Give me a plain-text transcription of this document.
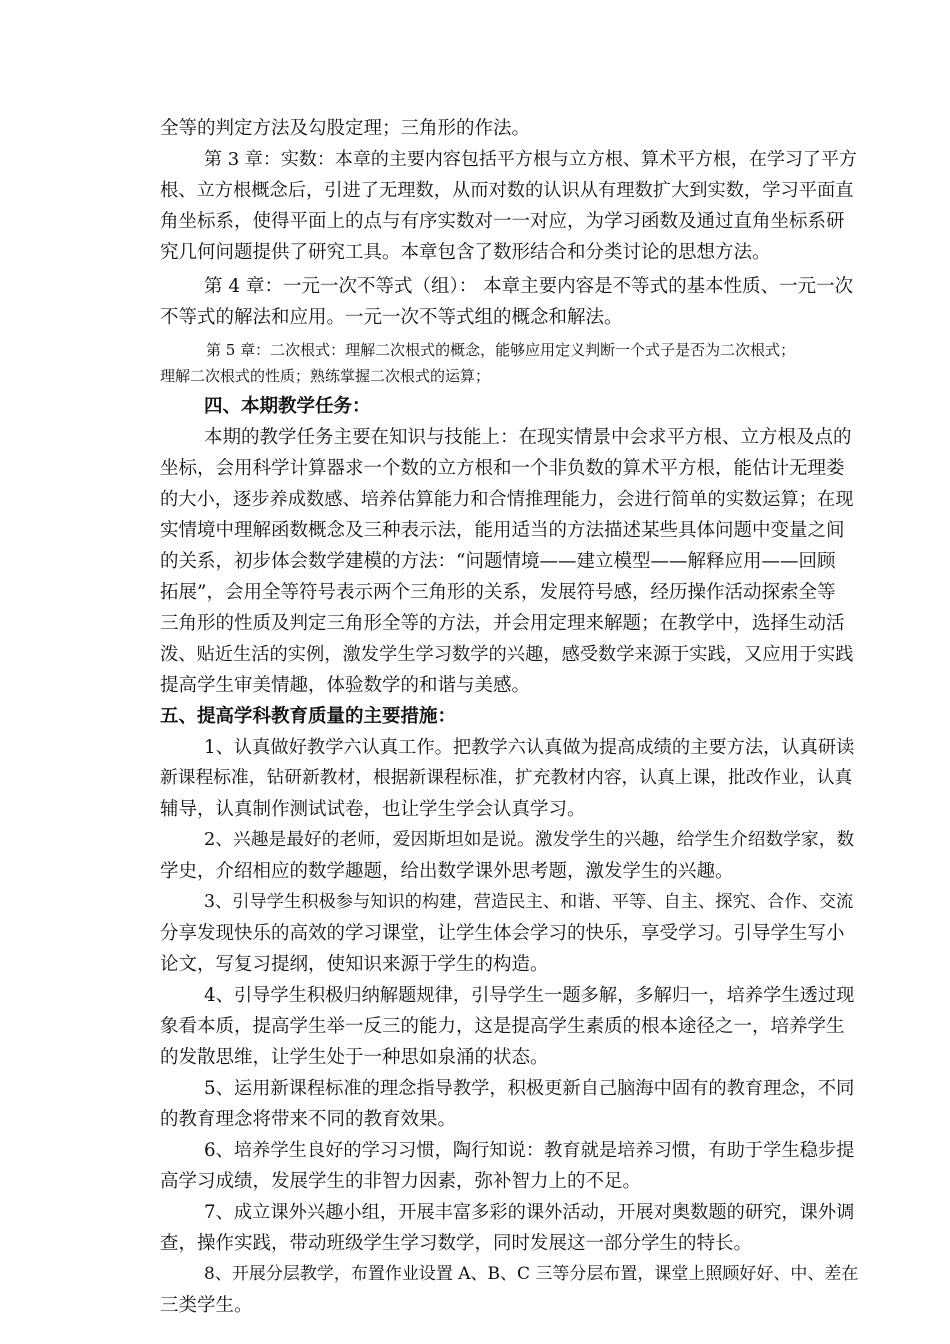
全等的判定方法及勾股定理；三角形的作法。
第 3 章：实数：本章的主要内容包括平方根与立方根、算术平方根，在学习了平方
根、立方根概念后，引进了无理数，从而对数的认识从有理数扩大到实数，学习平面直
角坐标系，使得平面上的点与有序实数对一一对应，为学习函数及通过直角坐标系研
究几何问题提供了研究工具。本章包含了数形结合和分类讨论的思想方法。
第 4 章：一元一次不等式（组）： 本章主要内容是不等式的基本性质、一元一次
不等式的解法和应用。一元一次不等式组的概念和解法。
第 5 章：二次根式：理解二次根式的概念，能够应用定义判断一个式子是否为二次根式；
理解二次根式的性质；熟练掌握二次根式的运算；
四、本期教学任务：
本期的教学任务主要在知识与技能上：在现实情景中会求平方根、立方根及点的
坐标，会用科学计算器求一个数的立方根和一个非负数的算术平方根，能估计无理娄
的大小，逐步养成数感、培养估算能力和合情推理能力，会进行简单的实数运算；在现
实情境中理解函数概念及三种表示法，能用适当的方法描述某些具体问题中变量之间
的关系，初步体会数学建模的方法：“问题情境——建立模型——解释应用——回顾
拓展”，会用全等符号表示两个三角形的关系，发展符号感，经历操作活动探索全等
三角形的性质及判定三角形全等的方法，并会用定理来解题；在教学中，选择生动活
泼、贴近生活的实例，激发学生学习数学的兴趣，感受数学来源于实践，又应用于实践
提高学生审美情趣，体验数学的和谐与美感。
五、提高学科教育质量的主要措施：
1、认真做好教学六认真工作。把教学六认真做为提高成绩的主要方法，认真研读
新课程标准，钻研新教材，根据新课程标准，扩充教材内容，认真上课，批改作业，认真
辅导，认真制作测试试卷，也让学生学会认真学习。
2、兴趣是最好的老师，爱因斯坦如是说。激发学生的兴趣，给学生介绍数学家，数
学史，介绍相应的数学趣题，给出数学课外思考题，激发学生的兴趣。
3、引导学生积极参与知识的构建，营造民主、和谐、平等、自主、探究、合作、交流
分享发现快乐的高效的学习课堂，让学生体会学习的快乐，享受学习。引导学生写小
论文，写复习提纲，使知识来源于学生的构造。
4、引导学生积极归纳解题规律，引导学生一题多解，多解归一，培养学生透过现
象看本质，提高学生举一反三的能力，这是提高学生素质的根本途径之一，培养学生
的发散思维，让学生处于一种思如泉涌的状态。
5、运用新课程标准的理念指导教学，积极更新自己脑海中固有的教育理念，不同
的教育理念将带来不同的教育效果。
6、培养学生良好的学习习惯，陶行知说：教育就是培养习惯，有助于学生稳步提
高学习成绩，发展学生的非智力因素，弥补智力上的不足。
7、成立课外兴趣小组，开展丰富多彩的课外活动，开展对奥数题的研究，课外调
查，操作实践，带动班级学生学习数学，同时发展这一部分学生的特长。
8、开展分层教学，布置作业设置 A、B、C 三等分层布置，课堂上照顾好好、中、差在
三类学生。
